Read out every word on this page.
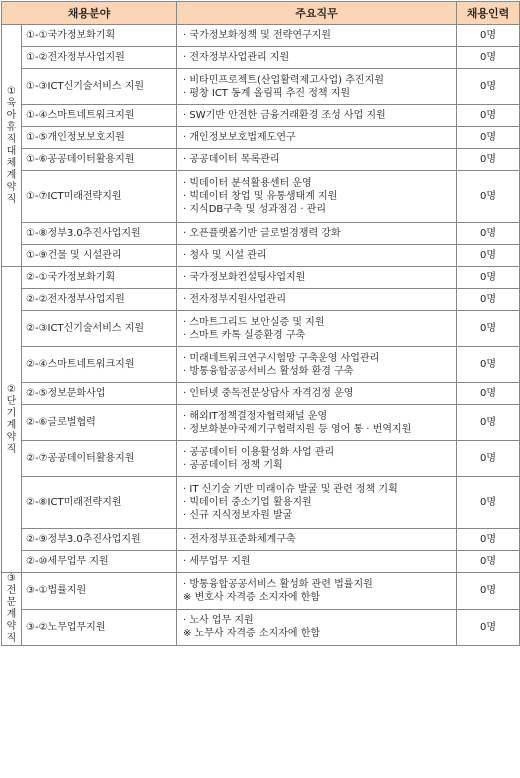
채용분야		주요직무	채용인력

①육아휴직대체계약직	①-①국가정보화기획	· 국가정보화정책 및 전략연구지원	0명
	①-②전자정부사업지원	· 전자정부사업관리 지원	0명
	①-③ICT신기술서비스 지원	· 비타민프로젝트(산업활력제고사업) 추진지원
· 평창 ICT 동계 올림픽 추진 정책 지원	0명
	①-④스마트네트워크지원	· SW기반 안전한 금융거래환경 조성 사업 지원	0명
	①-⑤개인정보보호지원	· 개인정보보호법제도연구	0명
	①-⑥공공데이터활용지원	· 공공데이터 목록관리	0명
	①-⑦ICT미래전략지원	· 빅데이터 분석활용센터 운영
· 빅데이터 창업 및 유통생태계 지원
· 지식DB구축 및 성과점검 · 관리	0명
	①-⑧정부3.0추진사업지원	· 오픈플랫폼기반 글로벌경쟁력 강화	0명
	①-⑨건물 및 시설관리	· 청사 및 시설 관리	0명

②단기계약직	②-①국가정보화기획	· 국가정보화컨설팅사업지원	0명
	②-②전자정부사업지원	· 전자정부지원사업관리	0명
	②-③ICT신기술서비스 지원	· 스마트그리드 보안실증 및 지원
· 스마트 카톡 실증환경 구축	0명
	②-④스마트네트워크지원	· 미래네트워크연구시험망 구축운영 사업관리
· 방통융합공공서비스 활성화 환경 구축	0명
	②-⑤정보문화사업	· 인터넷 중독전문상담사 자격검정 운영	0명
	②-⑥글로벌협력	· 해외IT정책결정자협력채널 운영
· 정보화분야국제기구협력지원 등 영어 통 · 번역지원	0명
	②-⑦공공데이터활용지원	· 공공데이터 이용활성화 사업 관리
· 공공데이터 정책 기획	0명
	②-⑧ICT미래전략지원	· IT 신기술 기반 미래이슈 발굴 및 관련 정책 기획
· 빅데이터 중소기업 활용지원
· 신규 지식정보자원 발굴	0명
	②-⑨정부3.0추진사업지원	· 전자정부표준화체계구축	0명
	②-⑩세무업무 지원	· 세무업무 지원	0명

③전문계약직	③-①법률지원	· 방통융합공공서비스 활성화 관련 법률지원
※ 변호사 자격증 소지자에 한함	0명
	③-②노무업무지원	· 노사 업무 지원
※ 노무사 자격증 소지자에 한함	0명
